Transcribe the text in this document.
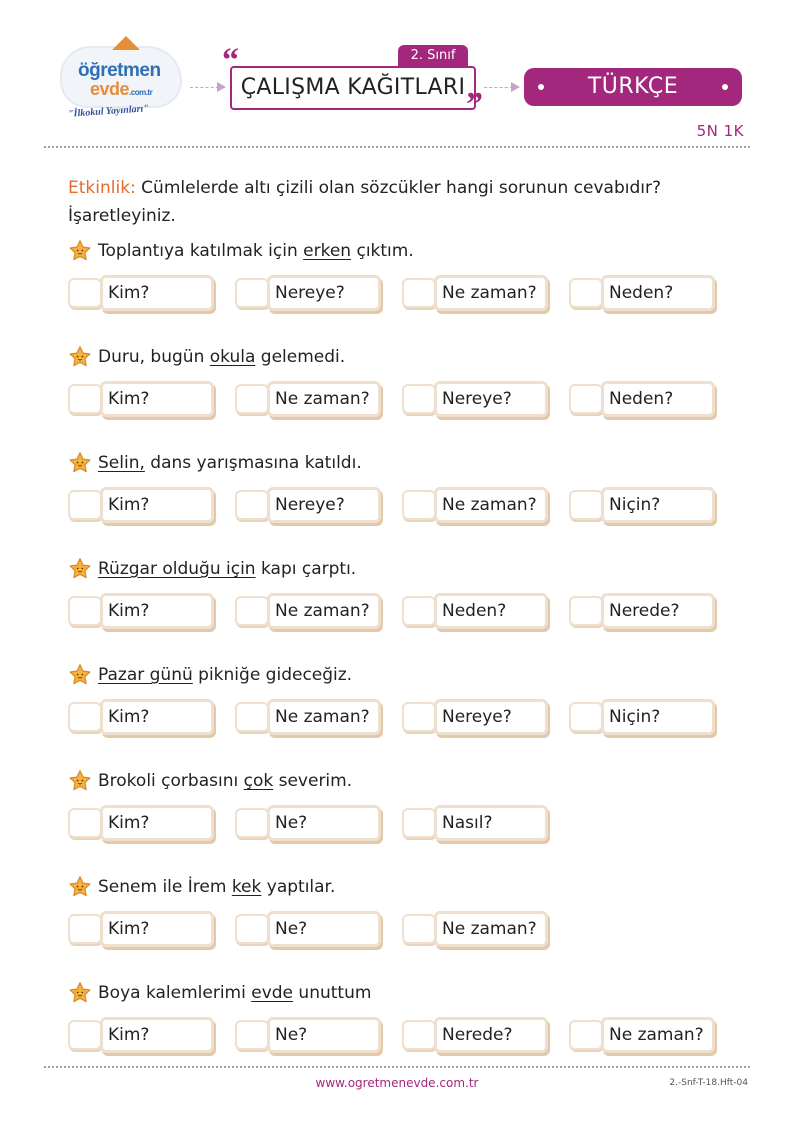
öğretmen
evde.com.tr
"İlkokul Yayınları"
2. Sınıf
ÇALIŞMA KAĞITLARI
“
”	TÜRKÇE
5N 1K
Etkinlik: Cümlelerde altı çizili olan sözcükler hangi sorunun cevabıdır? İşaretleyiniz.
Toplantıya katılmak için erken çıktım.
Kim?	Nereye?	Ne zaman?	Neden?
Duru, bugün okula gelemedi.
Kim?	Ne zaman?	Nereye?	Neden?
Selin, dans yarışmasına katıldı.
Kim?	Nereye?	Ne zaman?	Niçin?
Rüzgar olduğu için kapı çarptı.
Kim?	Ne zaman?	Neden?	Nerede?
Pazar günü pikniğe gideceğiz.
Kim?	Ne zaman?	Nereye?	Niçin?
Brokoli çorbasını çok severim.
Kim?	Ne?	Nasıl?
Senem ile İrem kek yaptılar.
Kim?	Ne?	Ne zaman?
Boya kalemlerimi evde unuttum
Kim?	Ne?	Nerede?	Ne zaman?
www.ogretmenevde.com.tr	2.-Snf-T-18.Hft-04
